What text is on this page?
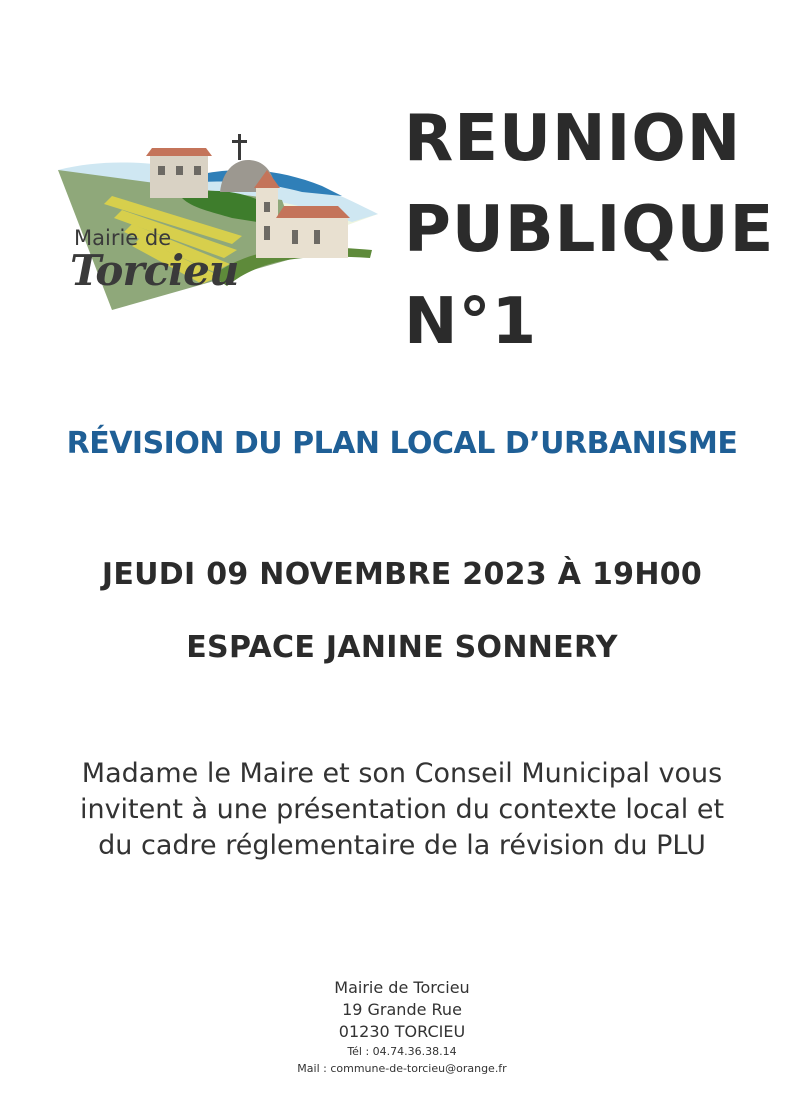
Mairie de
Torcieu
REUNION
PUBLIQUE
N°1
RÉVISION DU PLAN LOCAL D’URBANISME
JEUDI 09 NOVEMBRE 2023 À 19H00
ESPACE JANINE SONNERY
Madame le Maire et son Conseil Municipal vous
invitent à une présentation du contexte local et
du cadre réglementaire de la révision du PLU
Mairie de Torcieu
19 Grande Rue
01230 TORCIEU
Tél : 04.74.36.38.14
Mail : commune-de-torcieu@orange.fr
